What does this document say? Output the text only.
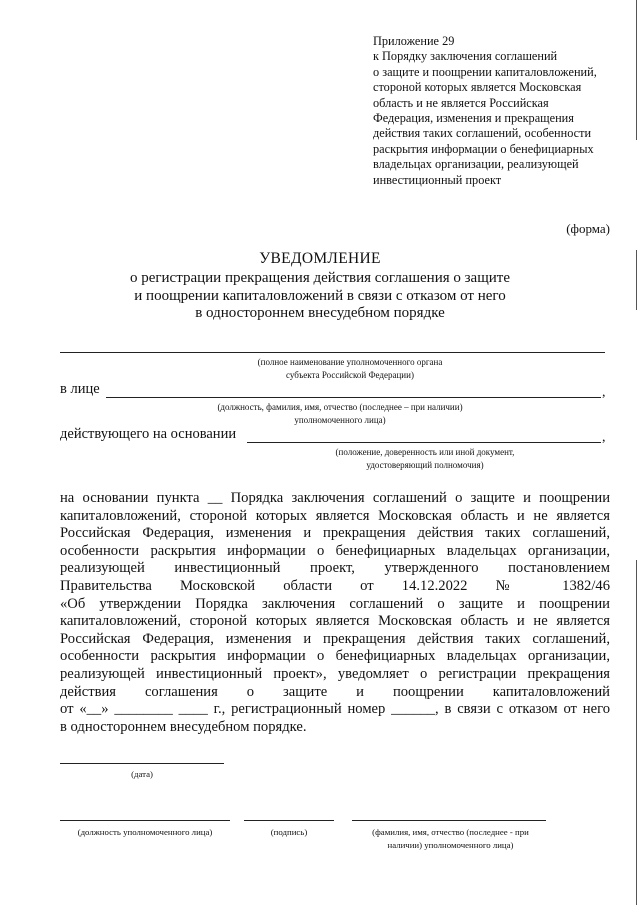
Приложение 29
к Порядку заключения соглашений
о защите и поощрении капиталовложений,
стороной которых является Московская
область и не является Российская
Федерация, изменения и прекращения
действия таких соглашений, особенности
раскрытия информации о бенефициарных
владельцах организации, реализующей
инвестиционный проект
(форма)
УВЕДОМЛЕНИЕ
о регистрации прекращения действия соглашения о защите
и поощрении капиталовложений в связи с отказом от него
в одностороннем внесудебном порядке
(полное наименование уполномоченного органа
субъекта Российской Федерации)
в лице	,
(должность, фамилия, имя, отчество (последнее – при наличии)
уполномоченного лица)
действующего на основании	,
(положение, доверенность или иной документ,
удостоверяющий полномочия)
на основании пункта __ Порядка заключения соглашений о защите и поощрении
капиталовложений, стороной которых является Московская область и не является
Российская Федерация, изменения и прекращения действия таких соглашений,
особенности раскрытия информации о бенефициарных владельцах организации,
реализующей инвестиционный проект, утвержденного постановлением
Правительства Московской области от 14.12.2022 № 1382/46
«Об утверждении Порядка заключения соглашений о защите и поощрении
капиталовложений, стороной которых является Московская область и не является
Российская Федерация, изменения и прекращения действия таких соглашений,
особенности раскрытия информации о бенефициарных владельцах организации,
реализующей инвестиционный проект», уведомляет о регистрации прекращения
действия соглашения о защите и поощрении капиталовложений
от «__» ________ ____ г., регистрационный номер ______, в связи с отказом от него
в одностороннем внесудебном порядке.
(дата)
(должность уполномоченного лица)	(подпись)	(фамилия, имя, отчество (последнее - при
наличии) уполномоченного лица)
